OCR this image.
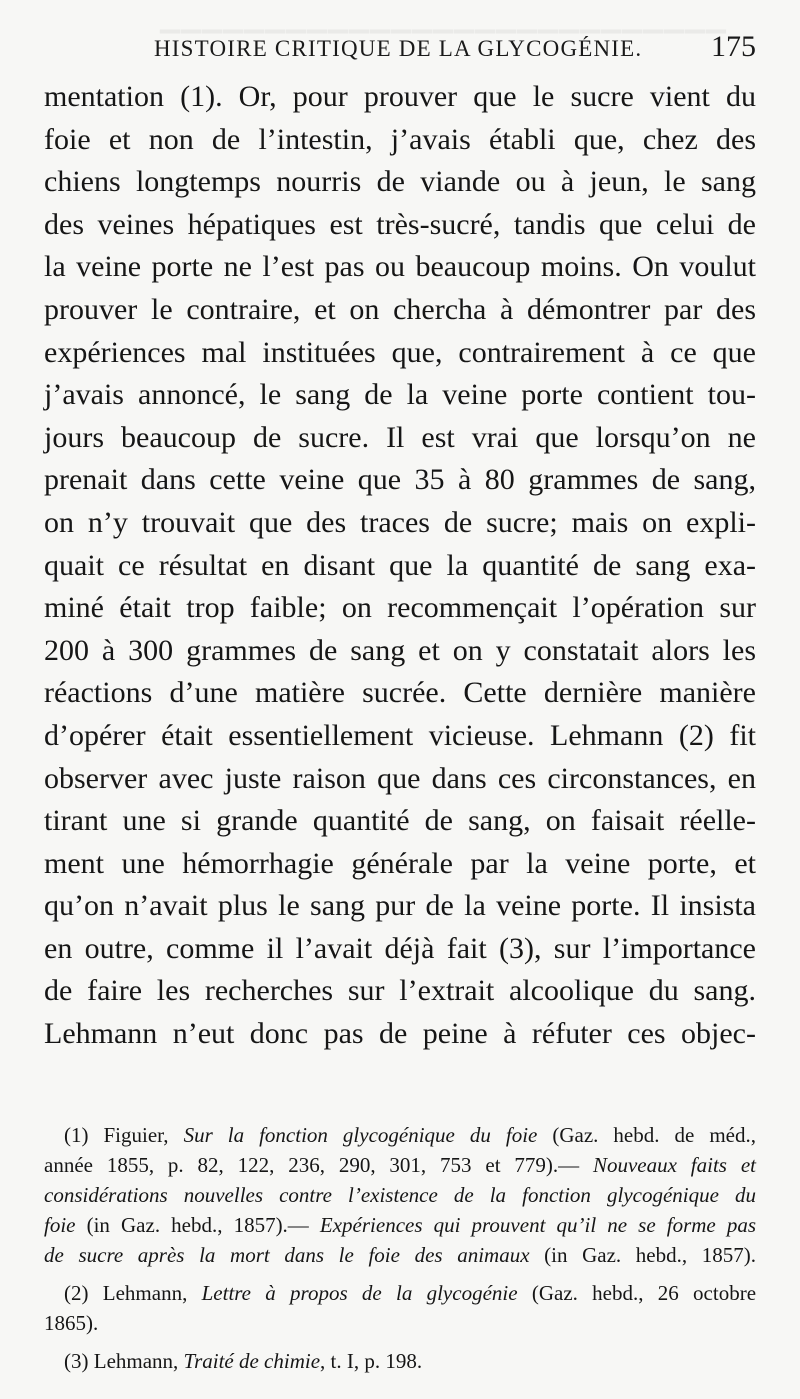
▁▁▁▁▁▁▁▁▁▁▁▁▁▁▁▁▁▁▁▁▁▁▁▁▁▁▁
HISTOIRE CRITIQUE DE LA GLYCOGÉNIE. 175
mentation (1). Or, pour prouver que le sucre vient du
foie et non de l’intestin, j’avais établi que, chez des
chiens longtemps nourris de viande ou à jeun, le sang
des veines hépatiques est très-sucré, tandis que celui de
la veine porte ne l’est pas ou beaucoup moins. On voulut
prouver le contraire, et on chercha à démontrer par des
expériences mal instituées que, contrairement à ce que
j’avais annoncé, le sang de la veine porte contient tou-
jours beaucoup de sucre. Il est vrai que lorsqu’on ne
prenait dans cette veine que 35 à 80 grammes de sang,
on n’y trouvait que des traces de sucre; mais on expli-
quait ce résultat en disant que la quantité de sang exa-
miné était trop faible; on recommençait l’opération sur
200 à 300 grammes de sang et on y constatait alors les
réactions d’une matière sucrée. Cette dernière manière
d’opérer était essentiellement vicieuse. Lehmann (2) fit
observer avec juste raison que dans ces circonstances, en
tirant une si grande quantité de sang, on faisait réelle-
ment une hémorrhagie générale par la veine porte, et
qu’on n’avait plus le sang pur de la veine porte. Il insista
en outre, comme il l’avait déjà fait (3), sur l’importance
de faire les recherches sur l’extrait alcoolique du sang.
Lehmann n’eut donc pas de peine à réfuter ces objec-
(1) Figuier, Sur la fonction glycogénique du foie (Gaz. hebd. de méd.,
année 1855, p. 82, 122, 236, 290, 301, 753 et 779).— Nouveaux faits et
considérations nouvelles contre l’existence de la fonction glycogénique du
foie (in Gaz. hebd., 1857).— Expériences qui prouvent qu’il ne se forme pas
de sucre après la mort dans le foie des animaux (in Gaz. hebd., 1857).
(2) Lehmann, Lettre à propos de la glycogénie (Gaz. hebd., 26 octobre
1865).
(3) Lehmann, Traité de chimie, t. I, p. 198.
